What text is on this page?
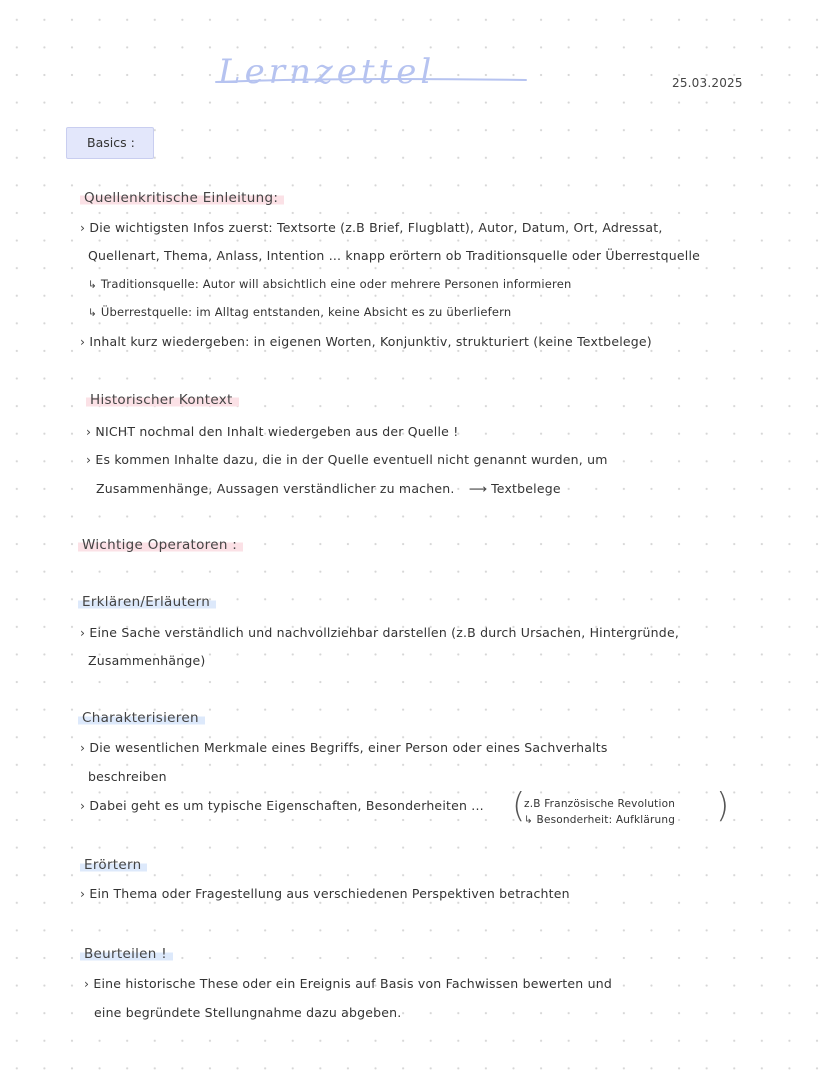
Lernzettel	25.03.2025
Basics :
Quellenkritische Einleitung:
› Die wichtigsten Infos zuerst: Textsorte (z.B Brief, Flugblatt), Autor, Datum, Ort, Adressat,
Quellenart, Thema, Anlass, Intention ... knapp erörtern ob Traditionsquelle oder Überrestquelle
↳ Traditionsquelle: Autor will absichtlich eine oder mehrere Personen informieren
↳ Überrestquelle: im Alltag entstanden, keine Absicht es zu überliefern
› Inhalt kurz wiedergeben: in eigenen Worten, Konjunktiv, strukturiert (keine Textbelege)
Historischer Kontext
› NICHT nochmal den Inhalt wiedergeben aus der Quelle !
› Es kommen Inhalte dazu, die in der Quelle eventuell nicht genannt wurden, um
Zusammenhänge, Aussagen verständlicher zu machen. ⟶ Textbelege
Wichtige Operatoren :
Erklären/Erläutern
› Eine Sache verständlich und nachvollziehbar darstellen (z.B durch Ursachen, Hintergründe,
Zusammenhänge)
Charakterisieren
› Die wesentlichen Merkmale eines Begriffs, einer Person oder eines Sachverhalts
beschreiben
› Dabei geht es um typische Eigenschaften, Besonderheiten ... (
z.B Französische Revolution
↳ Besonderheit: Aufklärung )
Erörtern
› Ein Thema oder Fragestellung aus verschiedenen Perspektiven betrachten
Beurteilen !
› Eine historische These oder ein Ereignis auf Basis von Fachwissen bewerten und
eine begründete Stellungnahme dazu abgeben.
